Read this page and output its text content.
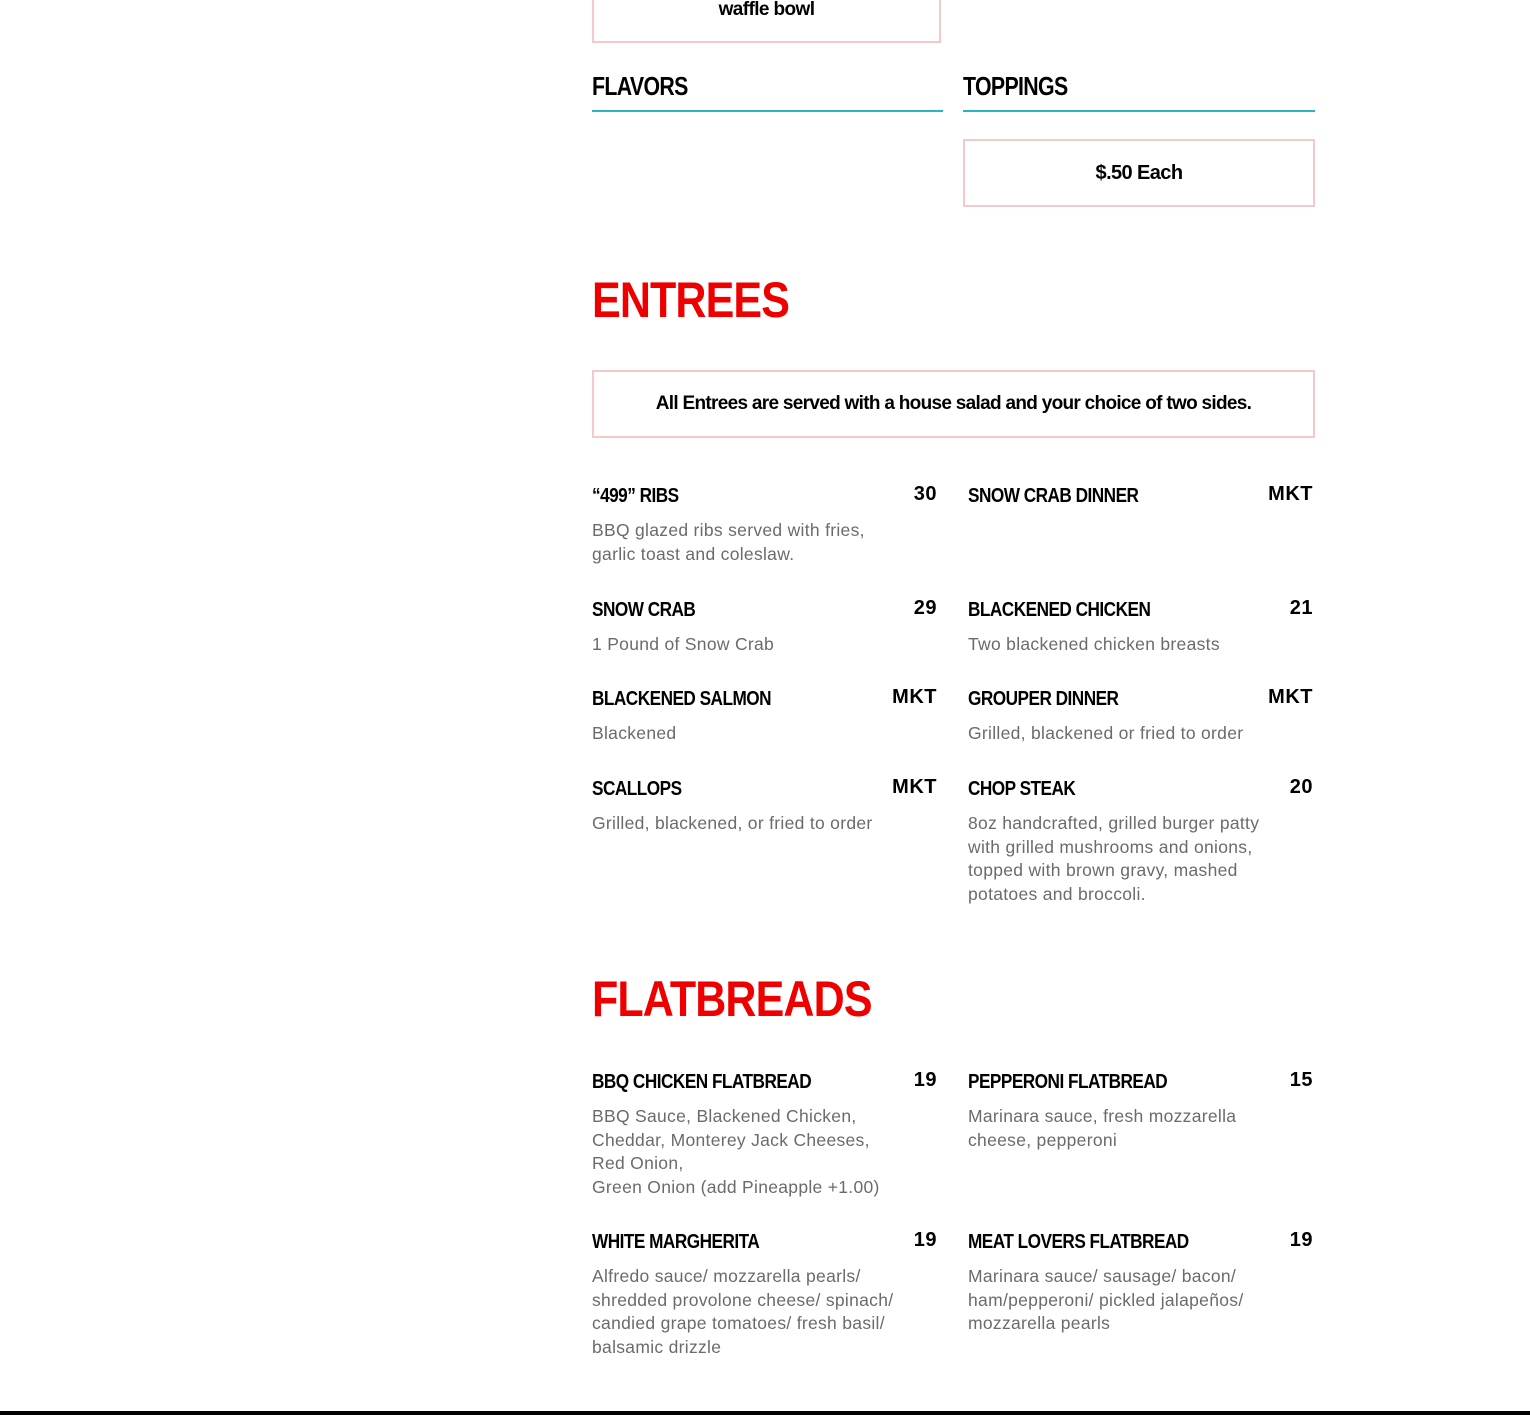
waffle bowl
FLAVORS	TOPPINGS
$.50 Each
ENTREES
All Entrees are served with a house salad and your choice of two sides.
“499” RIBS	30
BBQ glazed ribs served with fries,
garlic toast and coleslaw.
SNOW CRAB DINNER	MKT
SNOW CRAB	29
1 Pound of Snow Crab
BLACKENED CHICKEN	21
Two blackened chicken breasts
BLACKENED SALMON	MKT
Blackened
GROUPER DINNER	MKT
Grilled, blackened or fried to order
SCALLOPS	MKT
Grilled, blackened, or fried to order
CHOP STEAK	20
8oz handcrafted, grilled burger patty
with grilled mushrooms and onions,
topped with brown gravy, mashed
potatoes and broccoli.
FLATBREADS
BBQ CHICKEN FLATBREAD	19
BBQ Sauce, Blackened Chicken,
Cheddar, Monterey Jack Cheeses,
Red Onion,
Green Onion (add Pineapple +1.00)
PEPPERONI FLATBREAD	15
Marinara sauce, fresh mozzarella
cheese, pepperoni
WHITE MARGHERITA	19
Alfredo sauce/ mozzarella pearls/
shredded provolone cheese/ spinach/
candied grape tomatoes/ fresh basil/
balsamic drizzle
MEAT LOVERS FLATBREAD	19
Marinara sauce/ sausage/ bacon/
ham/pepperoni/ pickled jalapeños/
mozzarella pearls
